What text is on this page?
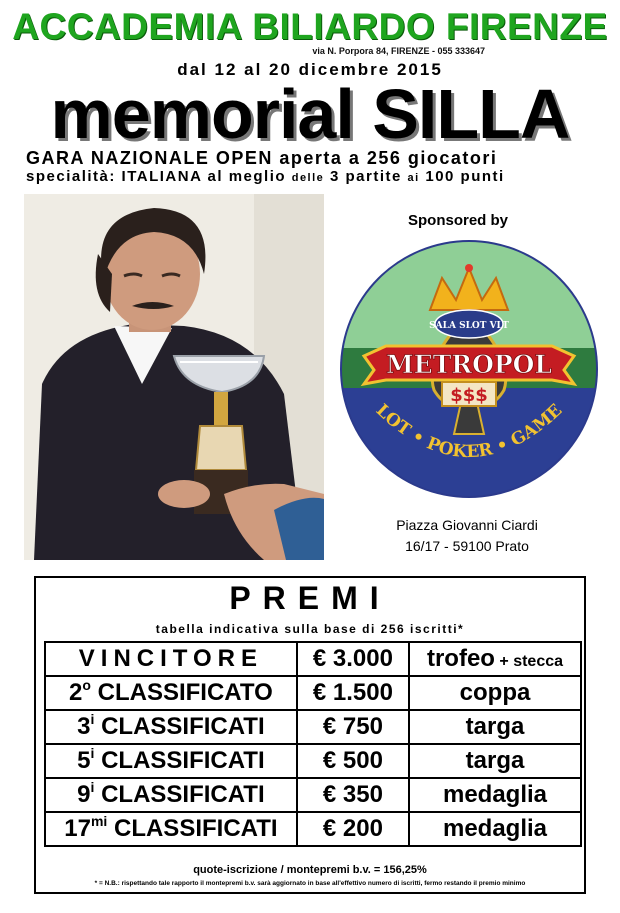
ACCADEMIA BILIARDO FIRENZE
via N. Porpora 84, FIRENZE - 055 333647
dal 12 al 20 dicembre 2015
memorial SILLA
GARA NAZIONALE OPEN aperta a 256 giocatori
specialità: ITALIANA al meglio delle 3 partite ai 100 punti
Sponsored by
SALA SLOT VLT
METROPOL
$$$
LOT • POKER • GAME
Piazza Giovanni Ciardi
16/17 - 59100 Prato
PREMI
tabella indicativa sulla base di 256 iscritti*
VINCITORE	€ 3.000	trofeo + stecca
2$^o$ CLASSIFICATO	€ 1.500	coppa
3$^i$ CLASSIFICATI	€ 750	targa
5$^i$ CLASSIFICATI	€ 500	targa
9$^i$ CLASSIFICATI	€ 350	medaglia
$17^{mi}$ CLASSIFICATI	€ 200	medaglia
quote-iscrizione / montepremi b.v. = 156,25%
* = N.B.: rispettando tale rapporto il montepremi b.v. sarà aggiornato in base all'effettivo numero di iscritti, fermo restando il premio minimo
